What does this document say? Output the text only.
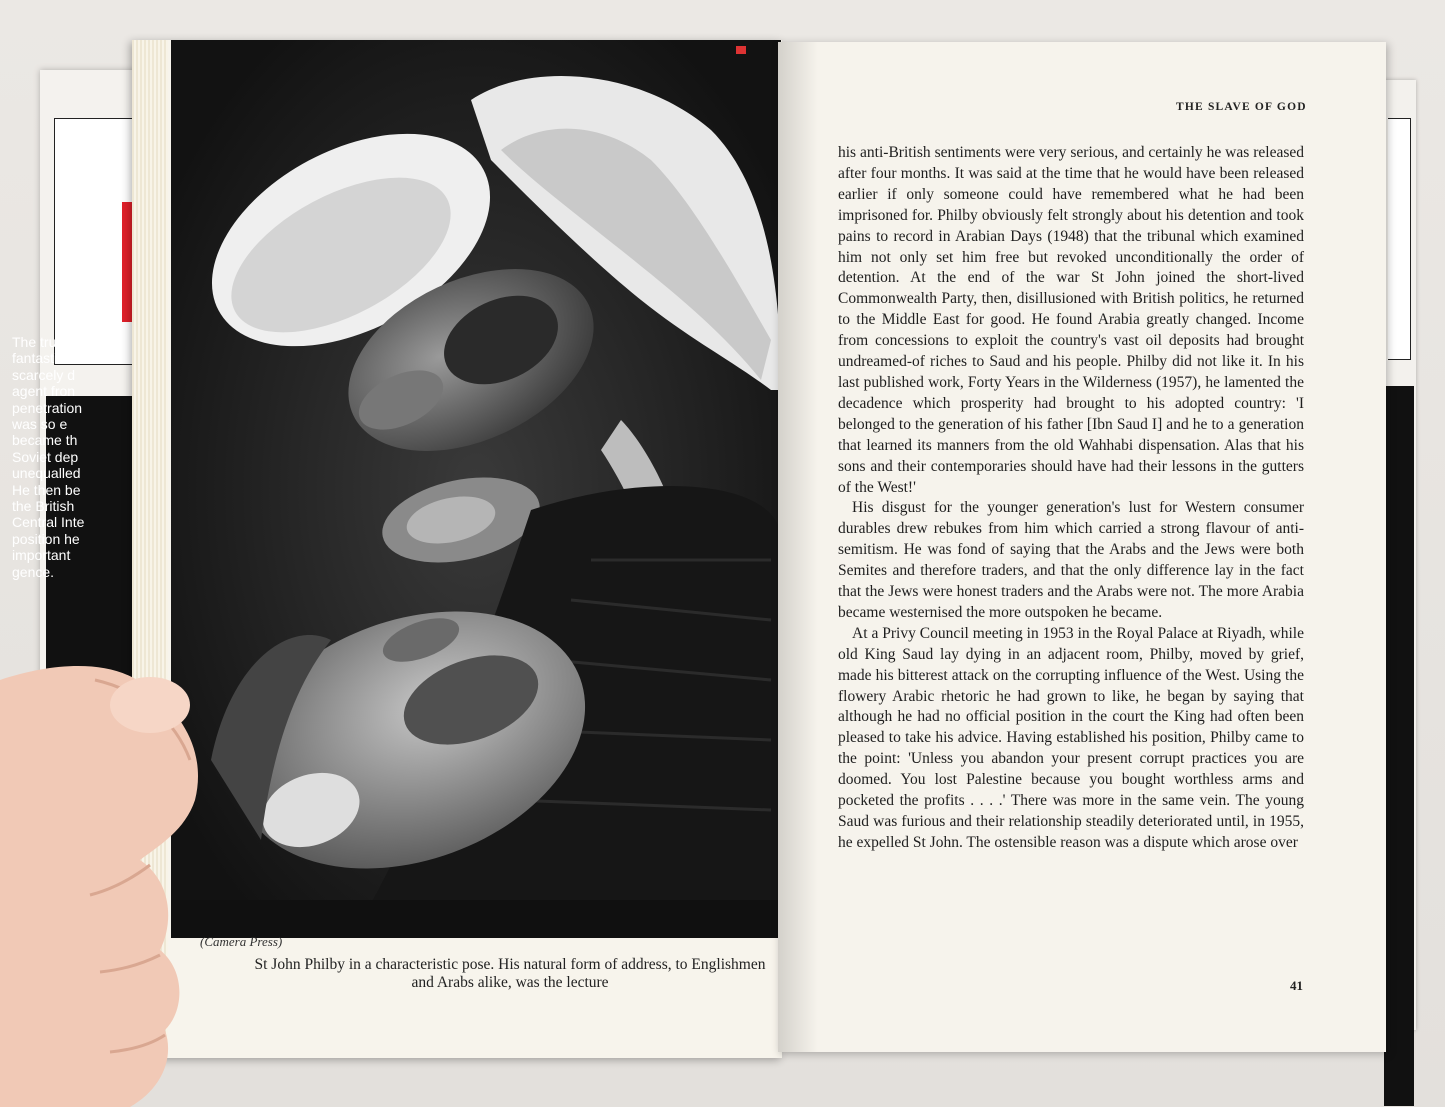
The true s
fantastic t
scarcely d
agent fron
penetration
was so e
became th
Soviet dep
unequalled
He then be
the British
Central Inte
position he
important
gence.
(Camera Press)
St John Philby in a characteristic pose. His natural form of address, to Englishmen and Arabs alike, was the lecture
THE SLAVE OF GOD

his anti-British sentiments were very serious, and certainly he was released after four months. It was said at the time that he would have been released earlier if only someone could have remembered what he had been imprisoned for. Philby obviously felt strongly about his detention and took pains to record in Arabian Days (1948) that the tribunal which examined him not only set him free but revoked unconditionally the order of detention. At the end of the war St John joined the short-lived Commonwealth Party, then, disillusioned with British politics, he returned to the Middle East for good. He found Arabia greatly changed. Income from concessions to exploit the country's vast oil deposits had brought undreamed-of riches to Saud and his people. Philby did not like it. In his last published work, Forty Years in the Wilderness (1957), he lamented the decadence which prosperity had brought to his adopted country: 'I belonged to the generation of his father [Ibn Saud I] and he to a generation that learned its manners from the old Wahhabi dispensation. Alas that his sons and their contemporaries should have had their lessons in the gutters of the West!'

His disgust for the younger generation's lust for Western consumer durables drew rebukes from him which carried a strong flavour of anti-semitism. He was fond of saying that the Arabs and the Jews were both Semites and therefore traders, and that the only difference lay in the fact that the Jews were honest traders and the Arabs were not. The more Arabia became westernised the more outspoken he became.

At a Privy Council meeting in 1953 in the Royal Palace at Riyadh, while old King Saud lay dying in an adjacent room, Philby, moved by grief, made his bitterest attack on the corrupting influence of the West. Using the flowery Arabic rhetoric he had grown to like, he began by saying that although he had no official position in the court the King had often been pleased to take his advice. Having established his position, Philby came to the point: 'Unless you abandon your present corrupt practices you are doomed. You lost Palestine because you bought worthless arms and pocketed the profits . . . .' There was more in the same vein. The young Saud was furious and their relationship steadily deteriorated until, in 1955, he expelled St John. The ostensible reason was a dispute which arose over

41
